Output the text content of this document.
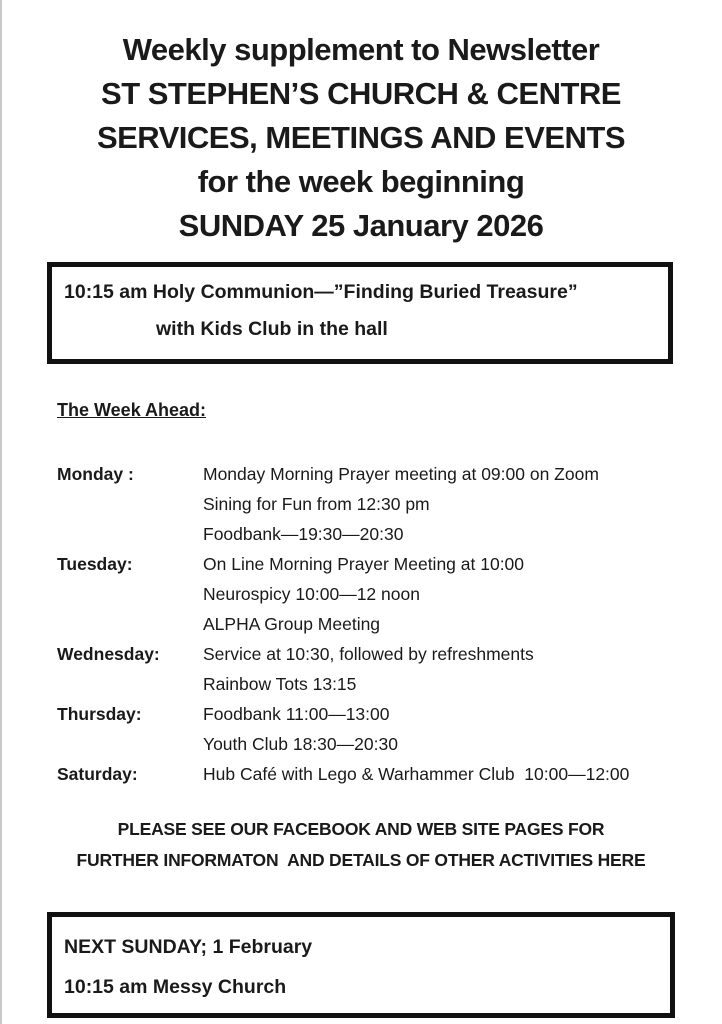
Weekly supplement to Newsletter
ST STEPHEN’S CHURCH & CENTRE
SERVICES, MEETINGS AND EVENTS
for the week beginning
SUNDAY 25 January 2026
10:15 am Holy Communion—”Finding Buried Treasure”
with Kids Club in the hall
The Week Ahead:
Monday :	Monday Morning Prayer meeting at 09:00 on Zoom
Sining for Fun from 12:30 pm
Foodbank—19:30—20:30
Tuesday:	On Line Morning Prayer Meeting at 10:00
Neurospicy 10:00—12 noon
ALPHA Group Meeting
Wednesday:	Service at 10:30, followed by refreshments
Rainbow Tots 13:15
Thursday:	Foodbank 11:00—13:00
Youth Club 18:30—20:30
Saturday:	Hub Café with Lego & Warhammer Club  10:00—12:00
PLEASE SEE OUR FACEBOOK AND WEB SITE PAGES FOR
FURTHER INFORMATON  AND DETAILS OF OTHER ACTIVITIES HERE
NEXT SUNDAY; 1 February
10:15 am Messy Church
